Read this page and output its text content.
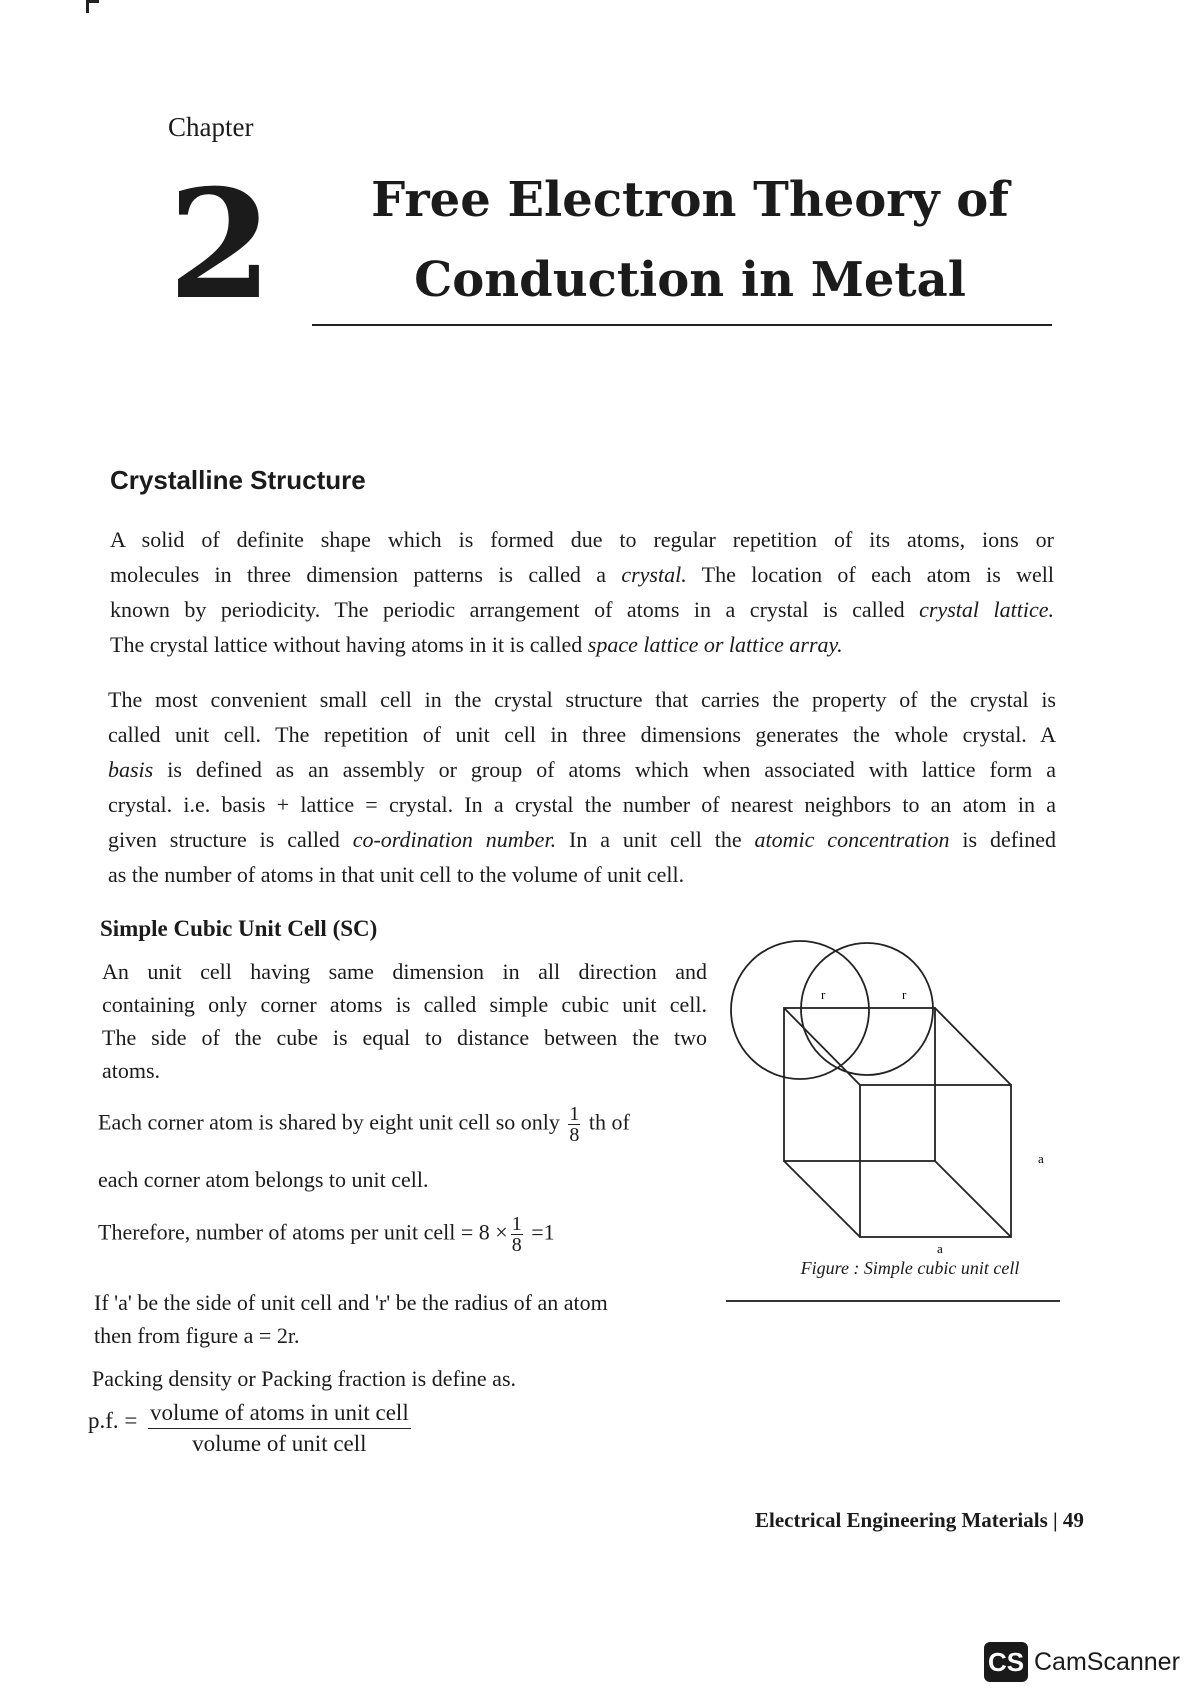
Chapter
2	Free Electron Theory of
Conduction in Metal
Crystalline Structure
A solid of definite shape which is formed due to regular repetition of its atoms, ions or
molecules in three dimension patterns is called a crystal. The location of each atom is well
known by periodicity. The periodic arrangement of atoms in a crystal is called crystal lattice.
The crystal lattice without having atoms in it is called space lattice or lattice array.
The most convenient small cell in the crystal structure that carries the property of the crystal is
called unit cell. The repetition of unit cell in three dimensions generates the whole crystal. A
basis is defined as an assembly or group of atoms which when associated with lattice form a
crystal. i.e. basis + lattice = crystal. In a crystal the number of nearest neighbors to an atom in a
given structure is called co-ordination number. In a unit cell the atomic concentration is defined
as the number of atoms in that unit cell to the volume of unit cell.
Simple Cubic Unit Cell (SC)
An unit cell having same dimension in all direction and
containing only corner atoms is called simple cubic unit cell.
The side of the cube is equal to distance between the two
atoms.
Each corner atom is shared by eight unit cell so only $\frac{1}{8}$ th of
each corner atom belongs to unit cell.
Therefore, number of atoms per unit cell = $8 \times \frac{1}{8} =1$
If 'a' be the side of unit cell and 'r' be the radius of an atom
then from figure a = 2r.
Packing density or Packing fraction is define as.
p.f. = volume of atoms in unit cell
volume of unit cell
r	r
a
a
Figure : Simple cubic unit cell
Electrical Engineering Materials | 49
CS CamScanner
